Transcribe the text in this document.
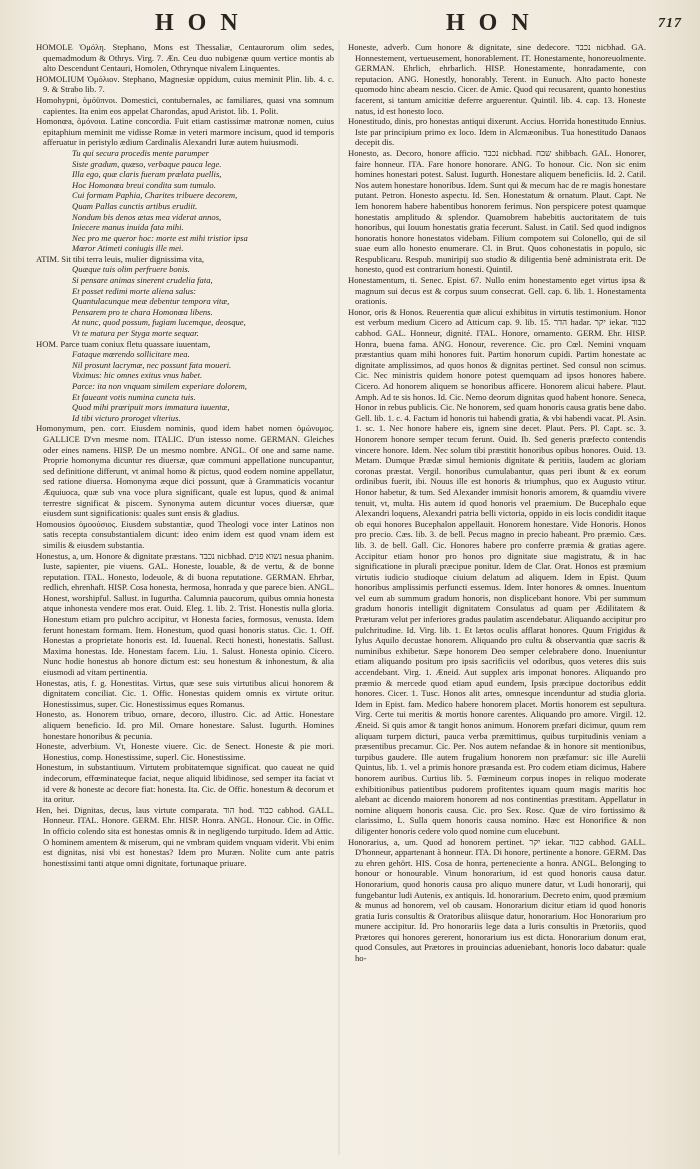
HON	HON	717

HOMOLE Ὁμόλη. Stephano, Mons est Thessaliæ, Centaurorum olim sedes, quemadmodum & Othrys. Virg. 7. Æn. Ceu duo nubigenæ quum vertice montis ab alto Descendunt Centauri, Homolen, Othrynque nivalem Linquentes.

HOMOLIUM Ὁμόλιον. Stephano, Magnesiæ oppidum, cuius meminit Plin. lib. 4. c. 9. & Strabo lib. 7.

Homohypni, ὁμόϋπνοι. Domestici, contubernales, ac familiares, quasi vna somnum capientes. Ita enim eos appelat Charondas, apud Aristot. lib. 1. Polit.

Homonœa, ὁμόνοια. Latine concordia. Fuit etiam castissimæ matronæ nomen, cuius epitaphium meminit me vidisse Romæ in veteri marmore incisum, quod id temporis afferuatur in peristylo ædium Cardinalis Alexandri Iuræ autem huiusmodi.

Tu qui secura procedis mente parumper
Siste gradum, quæso, verbaque pauca lege.
Illa ego, quæ claris fueram prælata puellis,
Hoc Homonœa breui condita sum tumulo.
Cui formam Paphia, Charites tribuere decorem,
Quam Pallas cunctis artibus erudiit.
Nondum bis denos ætas mea viderat annos,
Iniecere manus inuida fata mihi.
Nec pro me queror hoc: morte est mihi tristior ipsa
Mœror Atimeti coniugis ille mei.

ATIM. Sit tibi terra leuis, mulier dignissima vita,

Quæque tuis olim perfruere bonis.
Si pensare animas sinerent crudelia fata,
Et posset redimi morte aliena salus:
Quantulacunque meæ debentur tempora vitæ,
Pensarem pro te chara Homonœa libens.
At nunc, quod possum, fugiam lucemque, deosque,
Vt te matura per Styga morte sequar.

HOM. Parce tuam coniux fletu quassare iuuentam,

Fataque mœrendo sollicitare mea.
Nil prosunt lacrymæ, nec possunt fata moueri.
Viximus: hic omnes exitus vnus habet.
Parce: ita non vnquam similem experiare dolorem,
Et faueant votis numina cuncta tuis.
Quod mihi præripuit mors immatura iuuentæ,
Id tibi victuro proroget vlterius.

Homonymum, pen. corr. Eiusdem nominis, quod idem habet nomen ὁμώνυμος. GALLICE D'vn mesme nom. ITALIC. D'un istesso nome. GERMAN. Gleiches oder eines namens. HISP. De un mesmo nombre. ANGL. Of one and same name. Proprie homonyma dicuntur res diuersæ, quæ communi appellatione nuncupantur, sed definitione differunt, vt animal homo & pictus, quod eodem nomine appellatur, sed ratione diuersa. Homonyma æque dici possunt, quæ à Grammaticis vocantur Æquiuoca, quæ sub vna voce plura significant, quale est lupus, quod & animal terrestre significat & piscem. Synonyma autem dicuntur voces diuersæ, quæ eiusdem sunt significationis: quales sunt ensis & gladius.

Homousios ὁμοούσιος. Eiusdem substantiæ, quod Theologi voce inter Latinos non satis recepta consubstantialem dicunt: ideo enim idem est quod vnam idem est similis & eiusdem substantia.

Honestus, a, um. Honore & dignitate præstans. נכבד nicbhad. נשוא פנים nesua phanim. Iuste, sapienter, pie viuens. GAL. Honeste, louable, & de vertu, & de bonne reputation. ITAL. Honesto, lodeuole, & di buona reputatione. GERMAN. Ehrbar, redlich, ehrenhaft. HISP. Cosa honesta, hermosa, honrada y que parece bien. ANGL. Honest, worshipful. Sallust. in Iugurtha. Calumnia paucorum, quibus omnia honesta atque inhonesta vendere mos erat. Ouid. Eleg. 1. lib. 2. Trist. Honestis nulla gloria. Honestum etiam pro pulchro accipitur, vt Honesta facies, formosus, venusta. Idem ferunt honestam formam. Item. Honestum, quod quasi honoris status. Cic. 1. Off. Honestas a proprietate honoris est. Id. Iuuenal. Recti honesti, honestatis. Sallust. Maxima honestas. Ide. Honestam facem. Liu. 1. Salust. Honesta opinio. Cicero. Nunc hodie honestus ab honore dictum est: seu honestum & inhonestum, & alia eiusmodi ad vitam pertinentia.

Honestas, atis, f. g. Honestitas. Virtus, quæ sese suis virtutibus alicui honorem & dignitatem conciliat. Cic. 1. Offic. Honestas quidem omnis ex virtute oritur. Honestissimus, super. Cic. Honestissimus eques Romanus.

Honesto, as. Honorem tribuo, ornare, decoro, illustro. Cic. ad Attic. Honestare aliquem beneficio. Id. pro Mil. Ornare honestare. Salust. Iugurth. Homines honestare honoribus & pecunia.

Honeste, adverbium. Vt, Honeste viuere. Cic. de Senect. Honeste & pie mori. Honestius, comp. Honestissime, superl. Cic. Honestissime.

Honestum, in substantiuum. Virtutem probitatemque significat. quo caueat ne quid indecorum, effœminateque faciat, neque aliquid libidinose, sed semper ita faciat vt id vere & honeste ac decore fiat: honesta. Ita. Cic. de Offic. honestum & decorum et ita oritur.

Hen, hei. Dignitas, decus, laus virtute comparata. הוד hod. כבוד cabhod. GALL. Honneur. ITAL. Honore. GERM. Ehr. HISP. Honra. ANGL. Honour. Cic. in Offic. In officio colendo sita est honestas omnis & in negligendo turpitudo. Idem ad Attic. O hominem amentem & miserum, qui ne vmbram quidem vnquam viderit. Vbi enim est dignitas, nisi vbi est honestas? Idem pro Muræn. Nolite cum ante patris honestissimi tanti atque omni dignitate, fortunaque priuare.

Honeste, adverb. Cum honore & dignitate, sine dedecore. נכבד nicbhad. GA. Honnestement, vertueusement, honorablement. IT. Honestamente, honoreuolmente. GERMAN. Ehrlich, ehrbarlich. HISP. Honestamente, honradamente, con reputacion. ANG. Honestly, honorably. Terent. in Eunuch. Alto pacto honeste quomodo hinc abeam nescio. Cicer. de Amic. Quod qui recusarent, quanto honestius facerent, si tantum amicitiæ deferre arguerentur. Quintil. lib. 4. cap. 13. Honeste natus, id est honesto loco.

Honestitudo, dinis, pro honestas antiqui dixerunt. Accius. Horrida honestitudo Ennius. Iste par principium primo ex loco. Idem in Alcmæonibus. Tua honestitudo Danaos decepit dis.

Honesto, as. Decoro, honore afficio. נכבד nicbhad. שבח shibbach. GAL. Honorer, faire honneur. ITA. Fare honore honorare. ANG. To honour. Cic. Non sic enim homines honestari potest. Salust. Iugurth. Honestare aliquem beneficiis. Id. 2. Catil. Nos autem honestare honoribus. Idem. Sunt qui & mecum hac de re magis honestare putant. Petron. Honesto aspectu. Id. Sen. Honestatum & ornatum. Plaut. Capt. Ne Iem honorem habere habentibus honorem ferimus. Non perspicere potest quamque honestatis amplitudo & splendor. Quamobrem habebitis auctoritatem de tuis honoribus, qui Iouum honestatis gratia fecerunt. Salust. in Catil. Sed quod indignos honoratis honore honestatos videbam. Filium compotem sui Colonello, qui de sil suae eum allo honesto enumerare. Cl. in Brut. Quos cohonestatis in populo, sic Respublicaru. Respub. muniripij suo studio & diligentia benè administrata erit. De honesto, quod est contrarium honesti. Quintil.

Honestamentum, ti. Senec. Epist. 67. Nullo enim honestamento eget virtus ipsa & magnum sui decus est & corpus suum consecrat. Gell. cap. 6. lib. 1. Honestamenta orationis.

Honor, oris & Honos. Reuerentia quæ alicui exhibitus in virtutis testimonium. Honor est verbum medium Cicero ad Atticum cap. 9. lib. 15. הדר hadar. יקר iekar. כבוד cabhod. GAL. Honneur, dignité. ITAL. Honore, ornamento. GERM. Ehr. HISP. Honra, buena fama. ANG. Honour, reverence. Cic. pro Cœl. Nemini vnquam præstantius quam mihi honores fuit. Partim honorum cupidi. Partim honestate ac dignitate amplissimos, ad quos honos & dignitas pertinet. Sed consul non scimus. Cic. Nec ministris quidem honore potest quemquam ad ipsos honores habere. Cicero. Ad honorem aliquem se honoribus afficere. Honorem alicui habere. Plaut. Amph. Ad te sis honos. Id. Cic. Nemo deorum dignitas quod habent honore. Seneca, Honor in rebus publicis. Cic. Ne honorem, sed quam honoris causa gratis bene dabo. Gell. lib. 1. c. 4. Factum id honoris tui habendi gratia, & vbi habendi vacat. Pl. Asin. 1. sc. 1. Nec honore habere eis, ignem sine decet. Plaut. Pers. Pl. Capt. sc. 3. Honorem honore semper tecum ferunt. Ouid. Ib. Sed generis præfecto contendis vincere honore. Idem. Nec solum tibi præstitit honoribus opibus honores. Ouid. 13. Metam. Dumque Prædæ simul hemionis dignitate & peritiis, laudem ac gloriam coronas præstat. Vergil. honoribus cumulabantur, quas peri ibunt & ex eorum ordinibus fuerit, ibi. Nouus ille est honoris & triumphus, quo ex Augusto vtitur. Honor habetur, & tum. Sed Alexander immisit honoris amorem, & quamdiu vivere tenuit, vt, multa. His autem id quod honoris vel praemium. De Bucephalo eque Alexandri loquens, Alexandri patria belli victoria, oppido in eis locis condidit itaque ob equi honores Bucephalon appellauit. Honorem honestare. Vide Honoris. Honos pro precio. Cæs. lib. 3. de bell. Pecus magno in precio habeant. Pro præmio. Cæs. lib. 3. de bell. Gall. Cic. Honores habere pro conferre præmia & gratias agere. Accipitur etiam honor pro honos pro dignitate siue magistratu, & in hac significatione in plurali præcipue ponitur. Idem de Clar. Orat. Honos est præmium virtutis iudicio studioque ciuium delatum ad aliquem. Idem in Epist. Quum honoribus amplissimis perfuncti essemus. Idem. Inter honores & omnes. Inuentum vel eum ab summum gradum honoris, non displicebant honore. Vbi per summum gradum honoris intelligit dignitatem Consulatus ad quam per Ædilitatem & Præturam velut per inferiores gradus paulatim ascendebatur. Aliquando accipitur pro pulchritudine. Id. Virg. lib. 1. Et lætos oculis afflarat honores. Quum Frigidus & Iylus Aquilo decustae honorem. Aliquando pro cultu & observantia quæ sacris & numinibus exhibetur. Sæpe honorem Deo semper celebrabere dono. Inueniuntur etiam aliquando positum pro ipsis sacrificiis vel odoribus, quos veteres diis suis accendebant. Virg. 1. Æneid. Aut supplex aris imponat honores. Aliquando pro præmio & mercede quod etiam apud eundem, Ipsis præcipue doctoribus eddit honores. Cicer. 1. Tusc. Honos alit artes, omnesque incenduntur ad studia gloria. Idem in Epist. fam. Medico habere honorem placet. Mortis honorem est sepultura. Virg. Certe tui meritis & mortis honore carentes. Aliquando pro amore. Virgil. 12. Æneid. Si quis amor & tangit honos animum. Honorem præfari dicimur, quum rem aliquam turpem dicturi, pauca verba præmittimus, quibus turpitudinis veniam a præsentibus precamur. Cic. Per. Nos autem nefandae & in honore sit mentionibus, turpibus gaudere. Ille autem frugalium honorem non præfamur: sic ille Aurelii Quintus, lib. 1. vel a primis honore præsanda est. Pro codem etiam dicimus, Habere honorem auribus. Curtius lib. 5. Fœmineum corpus inopes in reliquo moderate exhibitionibus patientibus pudorem profitentes iquam quum magis maritis hoc alebant ac dicendo maiorem honorem ad nos continentias præstitam. Appellatur in nomine aliquem honoris causa. Cic. pro Sex. Rosc. Quæ de viro fortissimo & clarissimo, L. Sulla quem honoris causa nomino. Hæc est Honorifice & non diligenter honoris cedere volo quod nomine cum elucebunt.

Honorarius, a, um. Quod ad honorem pertinet. יקר iekar. כבוד cabhod. GALL. D'honneur, appartenant à honneur. ITA. Di honore, pertinente a honore. GERM. Das zu ehren gehört. HIS. Cosa de honra, perteneciente a honra. ANGL. Belonging to honour or honourable. Vinum honorarium, id est quod honoris causa datur. Honorarium, quod honoris causa pro aliquo munere datur, vt Ludi honorarij, qui fungebantur ludi Autenis, ex antiquis. Id. honorarium. Decreto enim, quod præmium & munus ad honorem, vel ob causam. Honorarium dicitur etiam id quod honoris gratia Iuris consultis & Oratoribus aliisque datur, honorarium. Hoc Honorarium pro munere accipitur. Id. Pro honorariis lege data a Iuris consultis in Prætoriis, quod Prætores qui honores gererent, honorarium ius est dicta. Honorarium donum erat, quod Consules, aut Prætores in prouincias adueniebant, honoris loco dabatur: quale ho-
